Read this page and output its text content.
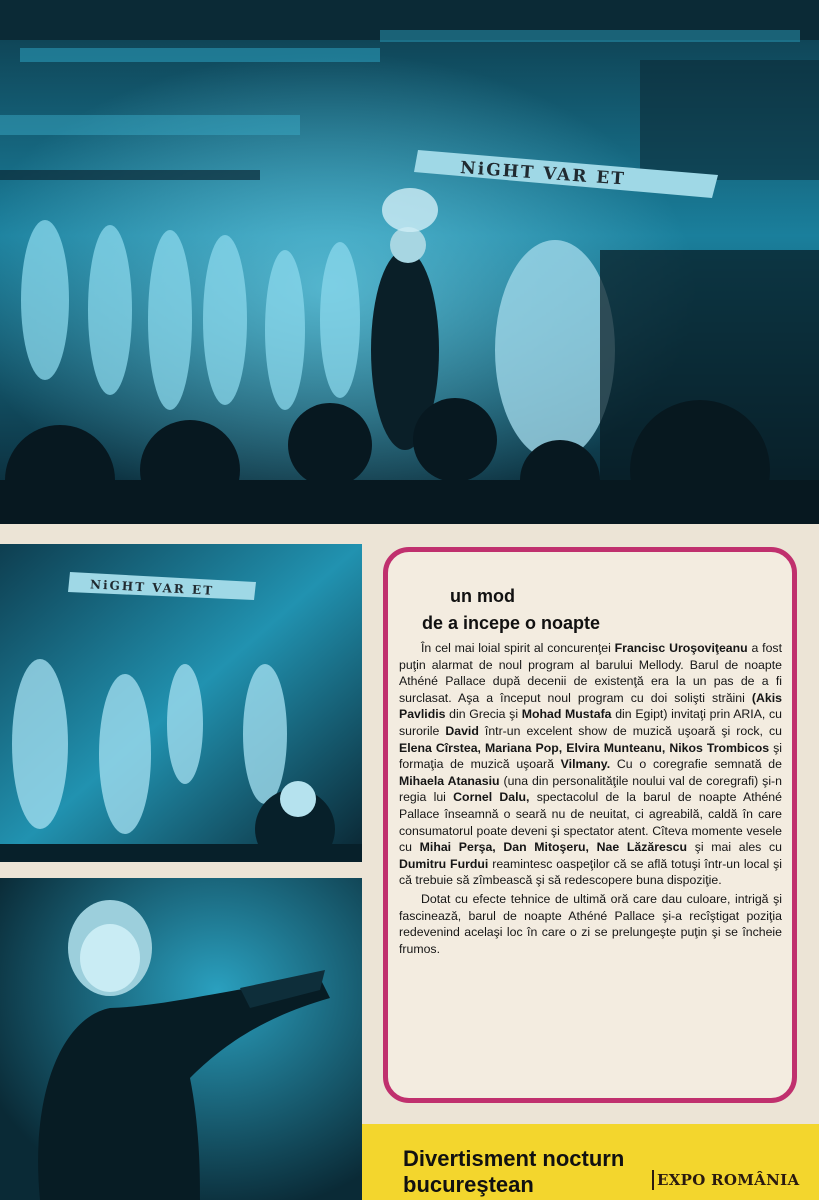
NiGHT VAR ET
NiGHT VAR ET	un mod
de a incepe o noapte

În cel mai loial spirit al concurenţei Francisc Uroşoviţeanu a fost puţin alarmat de noul program al barului Mellody. Barul de noapte Athéné Pallace după decenii de existenţă era la un pas de a fi surclasat. Aşa a început noul program cu doi solişti străini (Akis Pavlidis din Grecia şi Mohad Mustafa din Egipt) invitaţi prin ARIA, cu surorile David într-un excelent show de muzică uşoară şi rock, cu Elena Cîrstea, Mariana Pop, Elvira Munteanu, Nikos Trombicos şi formaţia de muzică uşoară Vilmany. Cu o coregrafie semnată de Mihaela Atanasiu (una din personalităţile noului val de coregrafi) şi-n regia lui Cornel Dalu, spectacolul de la barul de noapte Athéné Pallace înseamnă o seară nu de neuitat, ci agreabilă, caldă în care consumatorul poate deveni şi spectator atent. Cîteva momente vesele cu Mihai Perşa, Dan Mitoşeru, Nae Lăzărescu şi mai ales cu Dumitru Furdui reamintesc oaspeţilor că se află totuşi într-un local şi că trebuie să zîmbească şi să redescopere buna dispoziţie.

Dotat cu efecte tehnice de ultimă oră care dau culoare, intrigă şi fascinează, barul de noapte Athéné Pallace şi-a recîştigat poziţia redevenind acelaşi loc în care o zi se prelungeşte puţin şi se încheie frumos.

Divertisment nocturn bucureştean	EXPO ROMÂNIA
